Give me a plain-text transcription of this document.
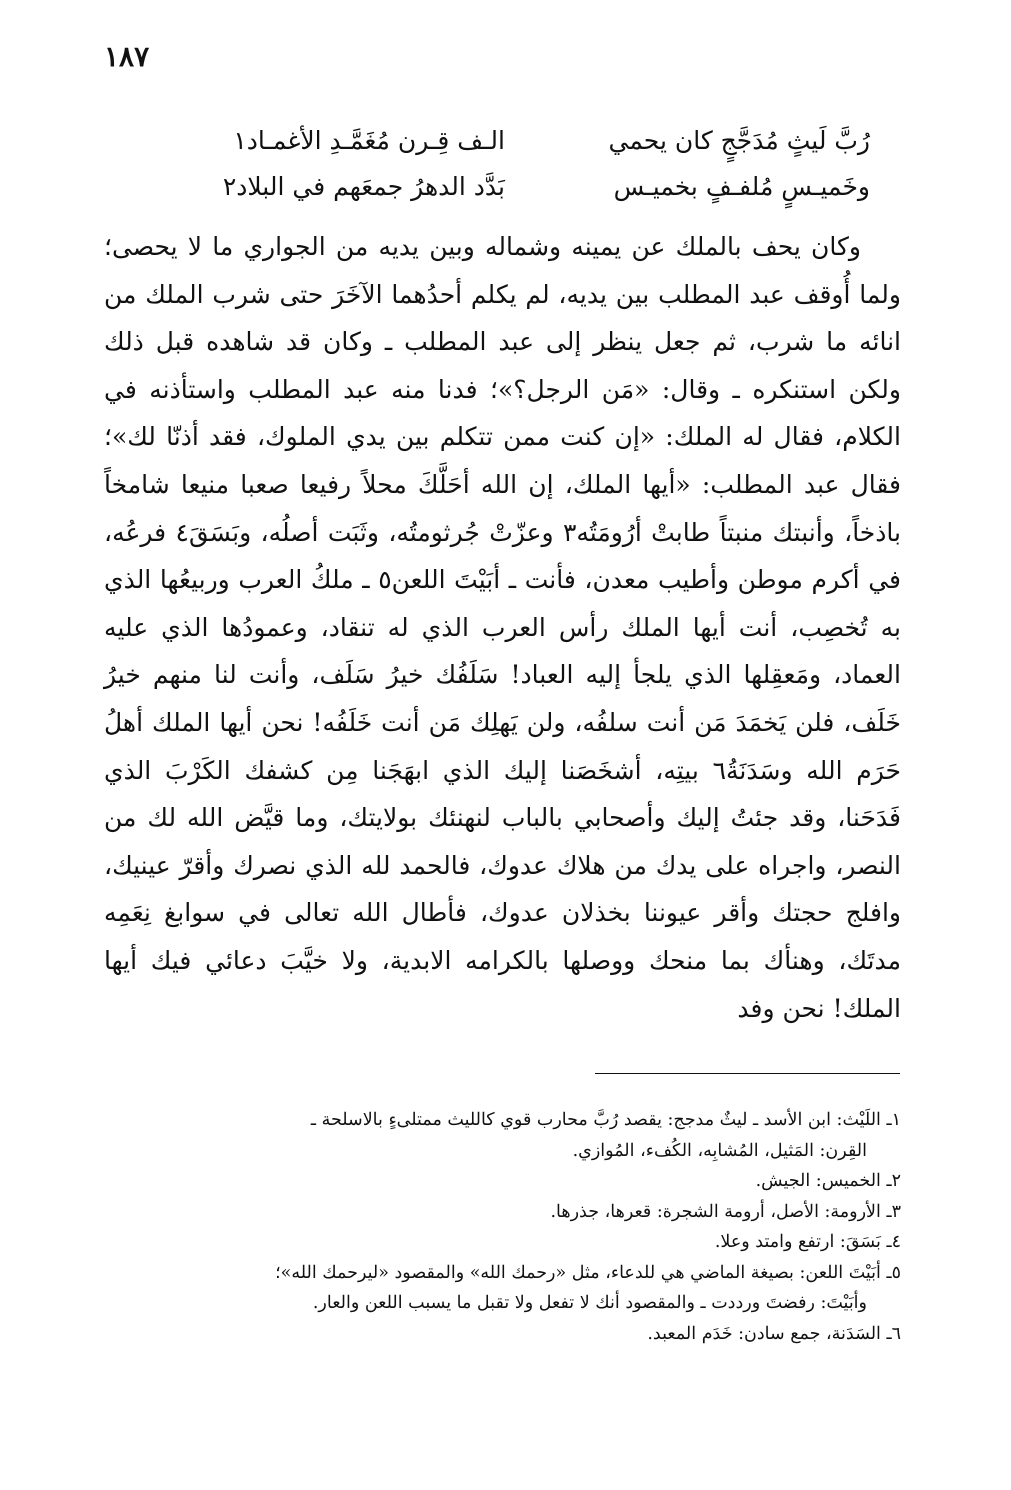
١٨٧
رُبَّ لَيثٍ مُدَجَّجٍ كان يحمي
الـف قِـرن مُغَمَّـدِ الأغمـاد١
وخَميـسٍ مُلفـفٍ بخميـس
بَدَّد الدهرُ جمعَهم في البلاد٢

وكان يحف بالملك عن يمينه وشماله وبين يديه من الجواري ما لا يحصى؛ ولما أُوقف عبد المطلب بين يديه، لم يكلم أحدُهما الآخَرَ حتى شرب الملك من انائه ما شرب، ثم جعل ينظر إلى عبد المطلب ـ وكان قد شاهده قبل ذلك ولكن استنكره ـ وقال: «مَن الرجل؟»؛ فدنا منه عبد المطلب واستأذنه في الكلام، فقال له الملك: «إن كنت ممن تتكلم بين يدي الملوك، فقد أذنّا لك»؛ فقال عبد المطلب: «أيها الملك، إن الله أحَلَّكَ محلاً رفيعا صعبا منيعا شامخاً باذخاً، وأنبتك منبتاً طابتْ أرُومَتُه٣ وعزّتْ جُرثومتُه، وثَبَت أصلُه، وبَسَقَ٤ فرعُه، في أكرم موطن وأطيب معدن، فأنت ـ أبَيْتَ اللعن٥ ـ ملكُ العرب وربيعُها الذي به تُخصِب، أنت أيها الملك رأس العرب الذي له تنقاد، وعمودُها الذي عليه العماد، ومَعقِلها الذي يلجأ إليه العباد! سَلَفُك خيرُ سَلَف، وأنت لنا منهم خيرُ خَلَف، فلن يَخمَدَ مَن أنت سلفُه، ولن يَهلِك مَن أنت خَلَفُه! نحن أيها الملك أهلُ حَرَم الله وسَدَنَةُ٦ بيتِه، أشخَصَنا إليك الذي ابهَجَنا مِن كشفك الكَرْبَ الذي فَدَحَنا، وقد جئتُ إليك وأصحابي بالباب لنهنئك بولايتك، وما قيَّض الله لك من النصر، واجراه على يدك من هلاك عدوك، فالحمد لله الذي نصرك وأقرّ عينيك، وافلج حجتك وأقر عيوننا بخذلان عدوك، فأطال الله تعالى في سوابغ نِعَمِه مدتَك، وهنأك بما منحك ووصلها بالكرامه الابدية، ولا خيَّبَ دعائي فيك أيها الملك! نحن وفد

١ـ اللَيْث: ابن الأسد ـ ليثٌ مدجج: يقصد رُبَّ محارب قوي كالليث ممتلىءٍ بالاسلحة ـ
القِرن: المَثيل، المُشابِه، الكُفء، المُوازي.
٢ـ الخميس: الجيش.
٣ـ الأرومة: الأصل، أرومة الشجرة: قعرها، جذرها.
٤ـ بَسَقَ: ارتفع وامتد وعلا.
٥ـ أبَيْتَ اللعن: بصيغة الماضي هي للدعاء، مثل «رحمك الله» والمقصود «ليرحمك الله»؛
وأبَيْتَ: رفضتَ ورددت ـ والمقصود أنك لا تفعل ولا تقبل ما يسبب اللعن والعار.
٦ـ السَدَنة، جمع سادن: خَدَم المعبد.
